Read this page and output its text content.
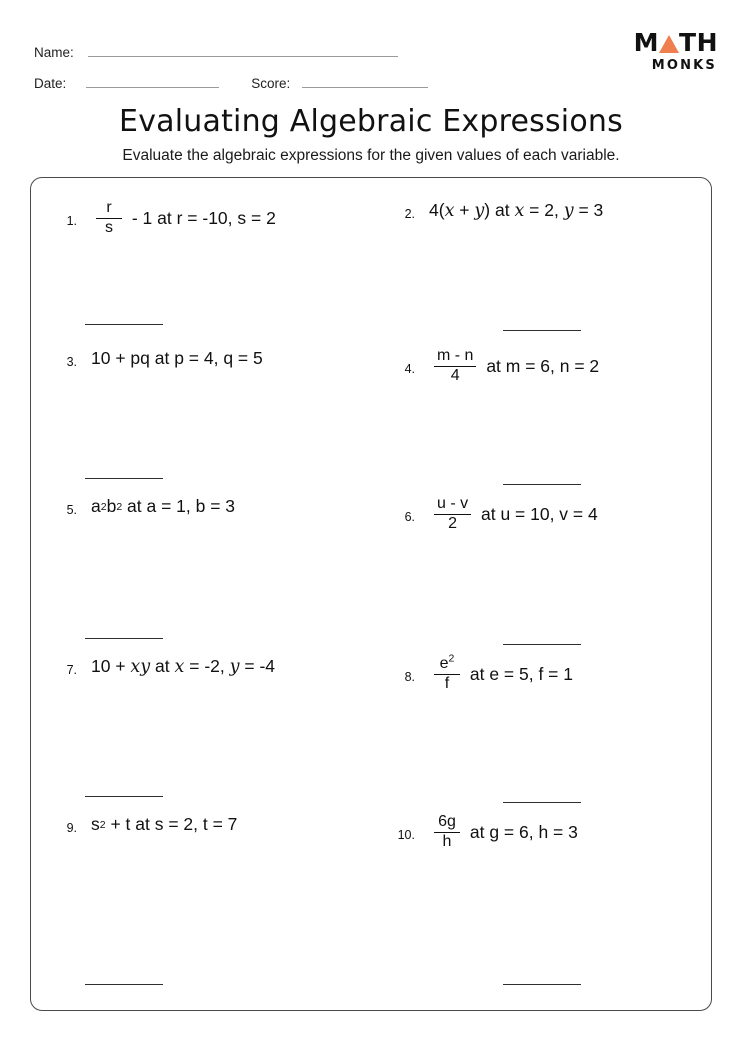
M TH
MONKS
Name:
Date:	Score:
Evaluating Algebraic Expressions
Evaluate the algebraic expressions for the given values of each variable.
1. $\frac{r}{s} - 1$ at r = -10, s = 2	2. 4( x + y ) at x = 2, y = 3
3. 10 + pq at p = 4, q = 5
4. $\frac{m - n}{4}$ at m = 6, n = 2
5. a 2 b 2 at a = 1, b = 3
6. $\frac{u - v}{2}$ at u = 10, v = 4
7. 10 + x y at x = -2, y = -4
8. $\frac{e^2}{f}$ at e = 5, f = 1
9. s 2 + t at s = 2, t = 7
10. $\frac{6g}{h}$ at g = 6, h = 3
